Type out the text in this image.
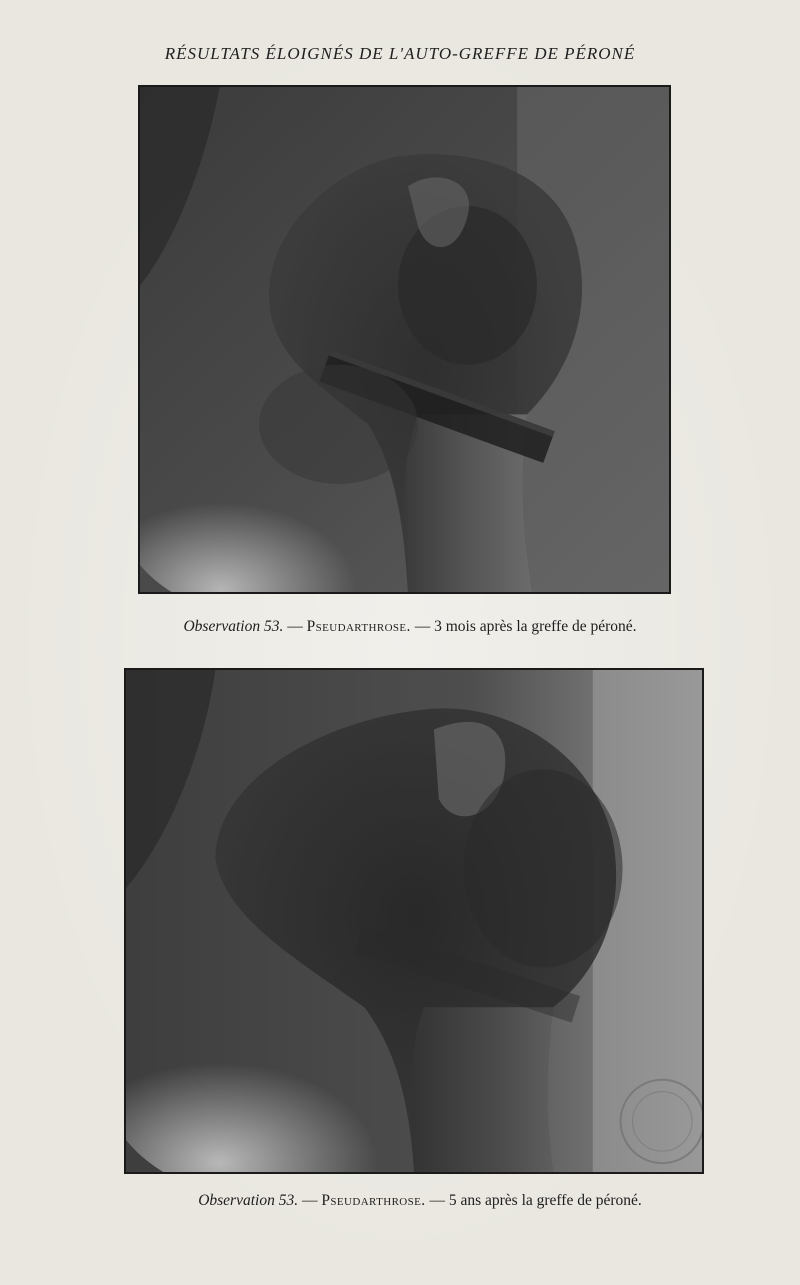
RÉSULTATS ÉLOIGNÉS DE L'AUTO-GREFFE DE PÉRONÉ
Observation 53. — Pseudarthrose. — 3 mois après la greffe de péroné.
Observation 53. — Pseudarthrose. — 5 ans après la greffe de péroné.
